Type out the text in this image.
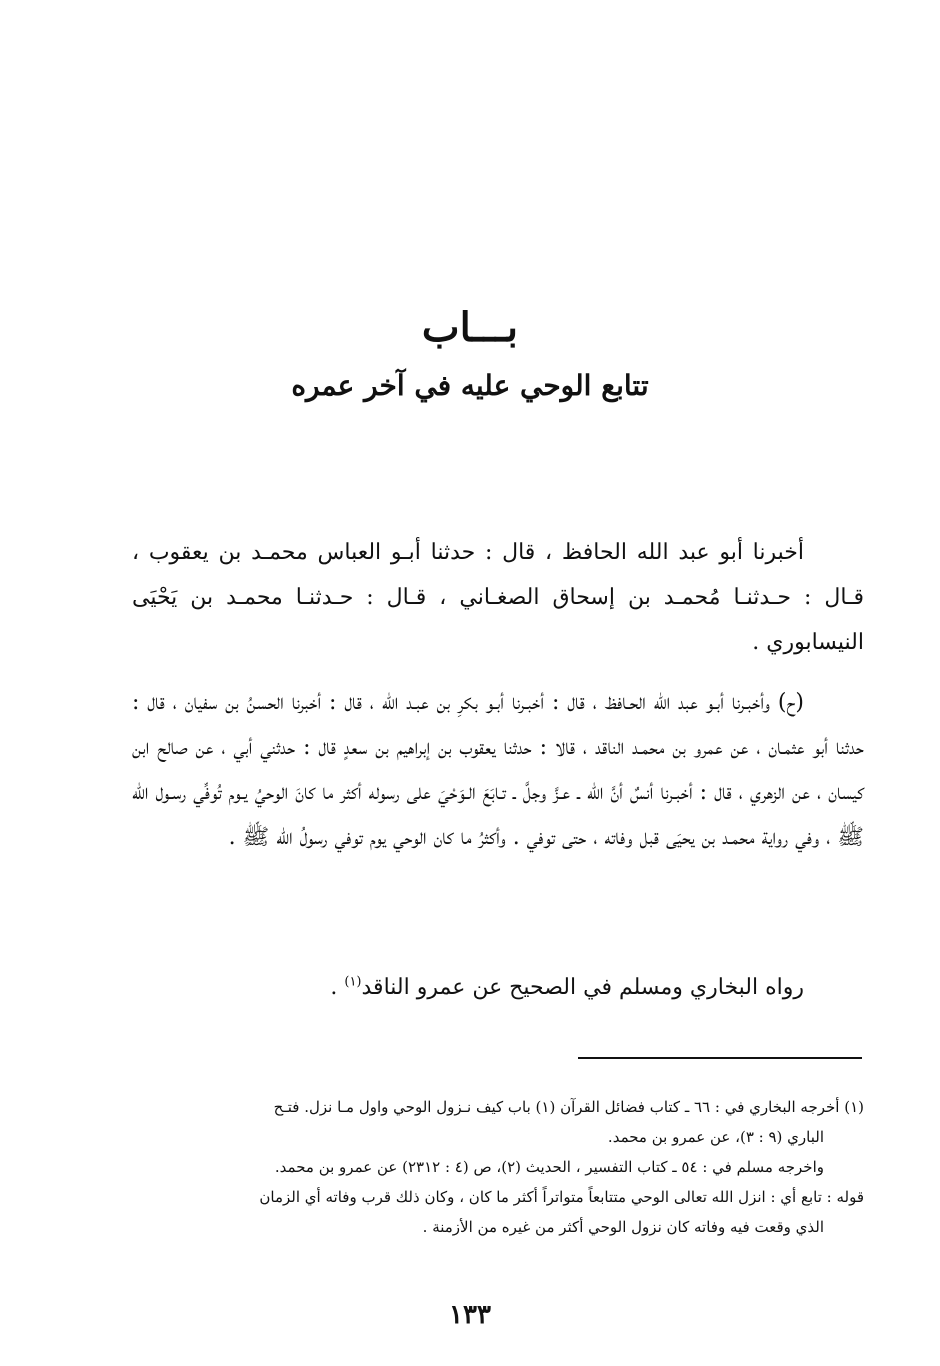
بـــاب
تتابع الوحي عليه في آخر عمره

أخبرنا أبو عبد الله الحافظ ، قال : حدثنا أبـو العباس محمـد بن يعقوب ، قـال : حـدثنـا مُحمـد بن إسحاق الصغـاني ، قـال : حـدثنـا محمـد بن يَحْيَى النيسابوري .

(ح) وأخبـرنا أبـو عبد الله الحـافظ ، قال : أخبـرنا أبـو بكرِ بن عبـد الله ، قال : أخبرنا الحسنُ بن سفيان ، قال : حدثنا أبو عثمـان ، عن عمرو بن محمـد الناقد ، قالا : حدثنا يعقوب بن إبراهيم بن سعدٍ قال : حدثني أبي ، عن صالح ابن كيسان ، عن الزهري ، قال : أخبـرنا أنسٌ أنَّ الله ـ عـزَّ وجلَّ ـ تـابَعَ الـوَحْيَ على رسوله أكثر ما كانَ الوحيُ يـوم تُوفِّي رسـول الله ﷺ ، وفي رواية محمـد بن يحيَى قبل وفاته ، حتى توفي . وأكثرُ ما كان الوحي يوم توفي رسولُ الله ﷺ .

رواه البخاري ومسلم في الصحيح عن عمرو الناقد$^{(١)}$ .

(١) أخرجه البخاري في : ٦٦ ـ كتاب فضائل القرآن (١) باب كيف نـزول الوحي واول مـا نزل. فتـح
الباري (٩ : ٣)، عن عمرو بن محمد.
واخرجه مسلم في : ٥٤ ـ كتاب التفسير ، الحديث (٢)، ص (٤ : ٢٣١٢) عن عمرو بن محمد.
قوله : تابع أي : انزل الله تعالى الوحي متتابعاً متواتراً أكثر ما كان ، وكان ذلك قرب وفاته أي الزمان
الذي وقعت فيه وفاته كان نزول الوحي أكثر من غيره من الأزمنة .
١٣٣
